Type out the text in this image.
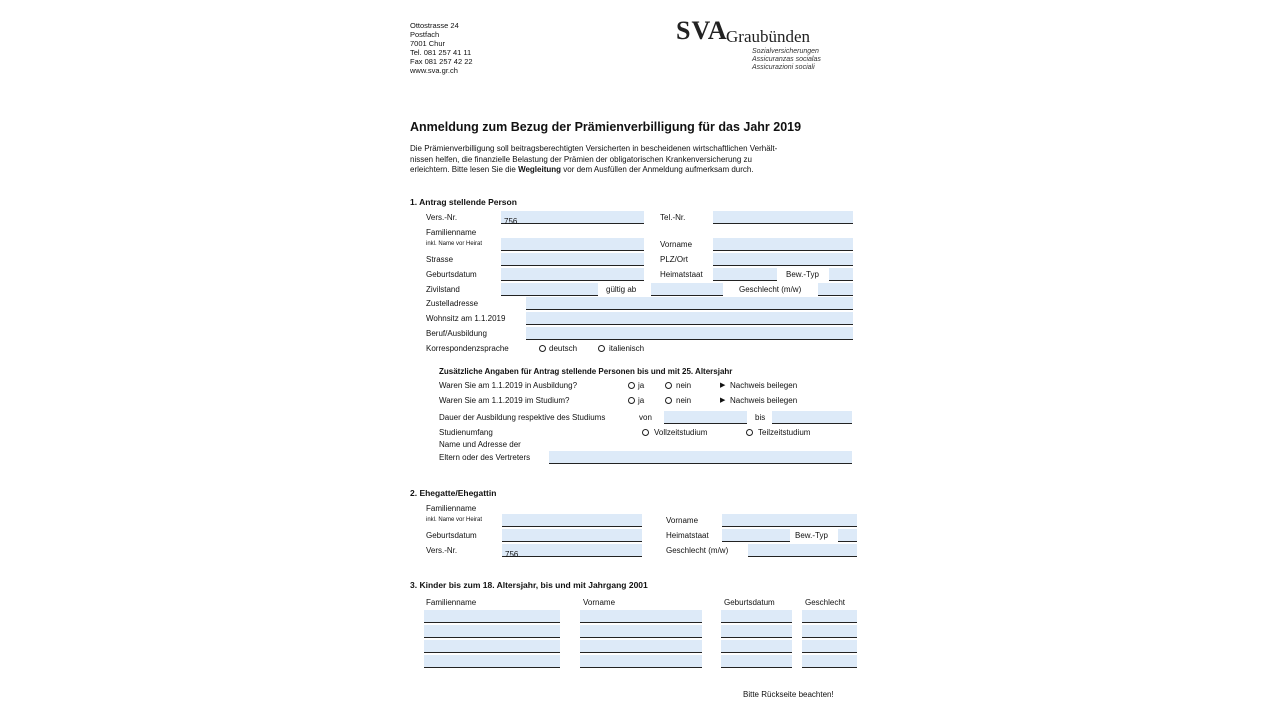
Ottostrasse 24
Postfach
7001 Chur
Tel. 081 257 41 11
Fax 081 257 42 22
www.sva.gr.ch
SVA
Graubünden
Sozialversicherungen
Assicuranzas socialas
Assicurazioni sociali
Anmeldung zum Bezug der Prämienverbilligung für das Jahr 2019
Die Prämienverbilligung soll beitragsberechtigten Versicherten in bescheidenen wirtschaftlichen Verhält-
nissen helfen, die finanzielle Belastung der Prämien der obligatorischen Krankenversicherung zu
erleichtern. Bitte lesen Sie die Wegleitung vor dem Ausfüllen der Anmeldung aufmerksam durch.
1. Antrag stellende Person
Vers.-Nr.	756.	Tel.-Nr.
Familienname
inkl. Name vor Heirat	Vorname
Strasse	PLZ/Ort
Geburtsdatum	Heimatstaat	Bew.-Typ
Zivilstand	gültig ab	Geschlecht (m/w)
Zustelladresse
Wohnsitz am 1.1.2019
Beruf/Ausbildung
Korrespondenzsprache	deutsch	italienisch
Zusätzliche Angaben für Antrag stellende Personen bis und mit 25. Altersjahr
Waren Sie am 1.1.2019 in Ausbildung?	ja	nein	▶ Nachweis beilegen
Waren Sie am 1.1.2019 im Studium?	ja	nein	▶ Nachweis beilegen
Dauer der Ausbildung respektive des Studiums	von	bis
Studienumfang	Vollzeitstudium	Teilzeitstudium
Name und Adresse der
Eltern oder des Vertreters
2. Ehegatte/Ehegattin
Familienname
inkl. Name vor Heirat	Vorname
Geburtsdatum	Heimatstaat	Bew.-Typ
Vers.-Nr.	756.	Geschlecht (m/w)
3. Kinder bis zum 18. Altersjahr, bis und mit Jahrgang 2001
Familienname	Vorname	Geburtsdatum	Geschlecht
Bitte Rückseite beachten!
